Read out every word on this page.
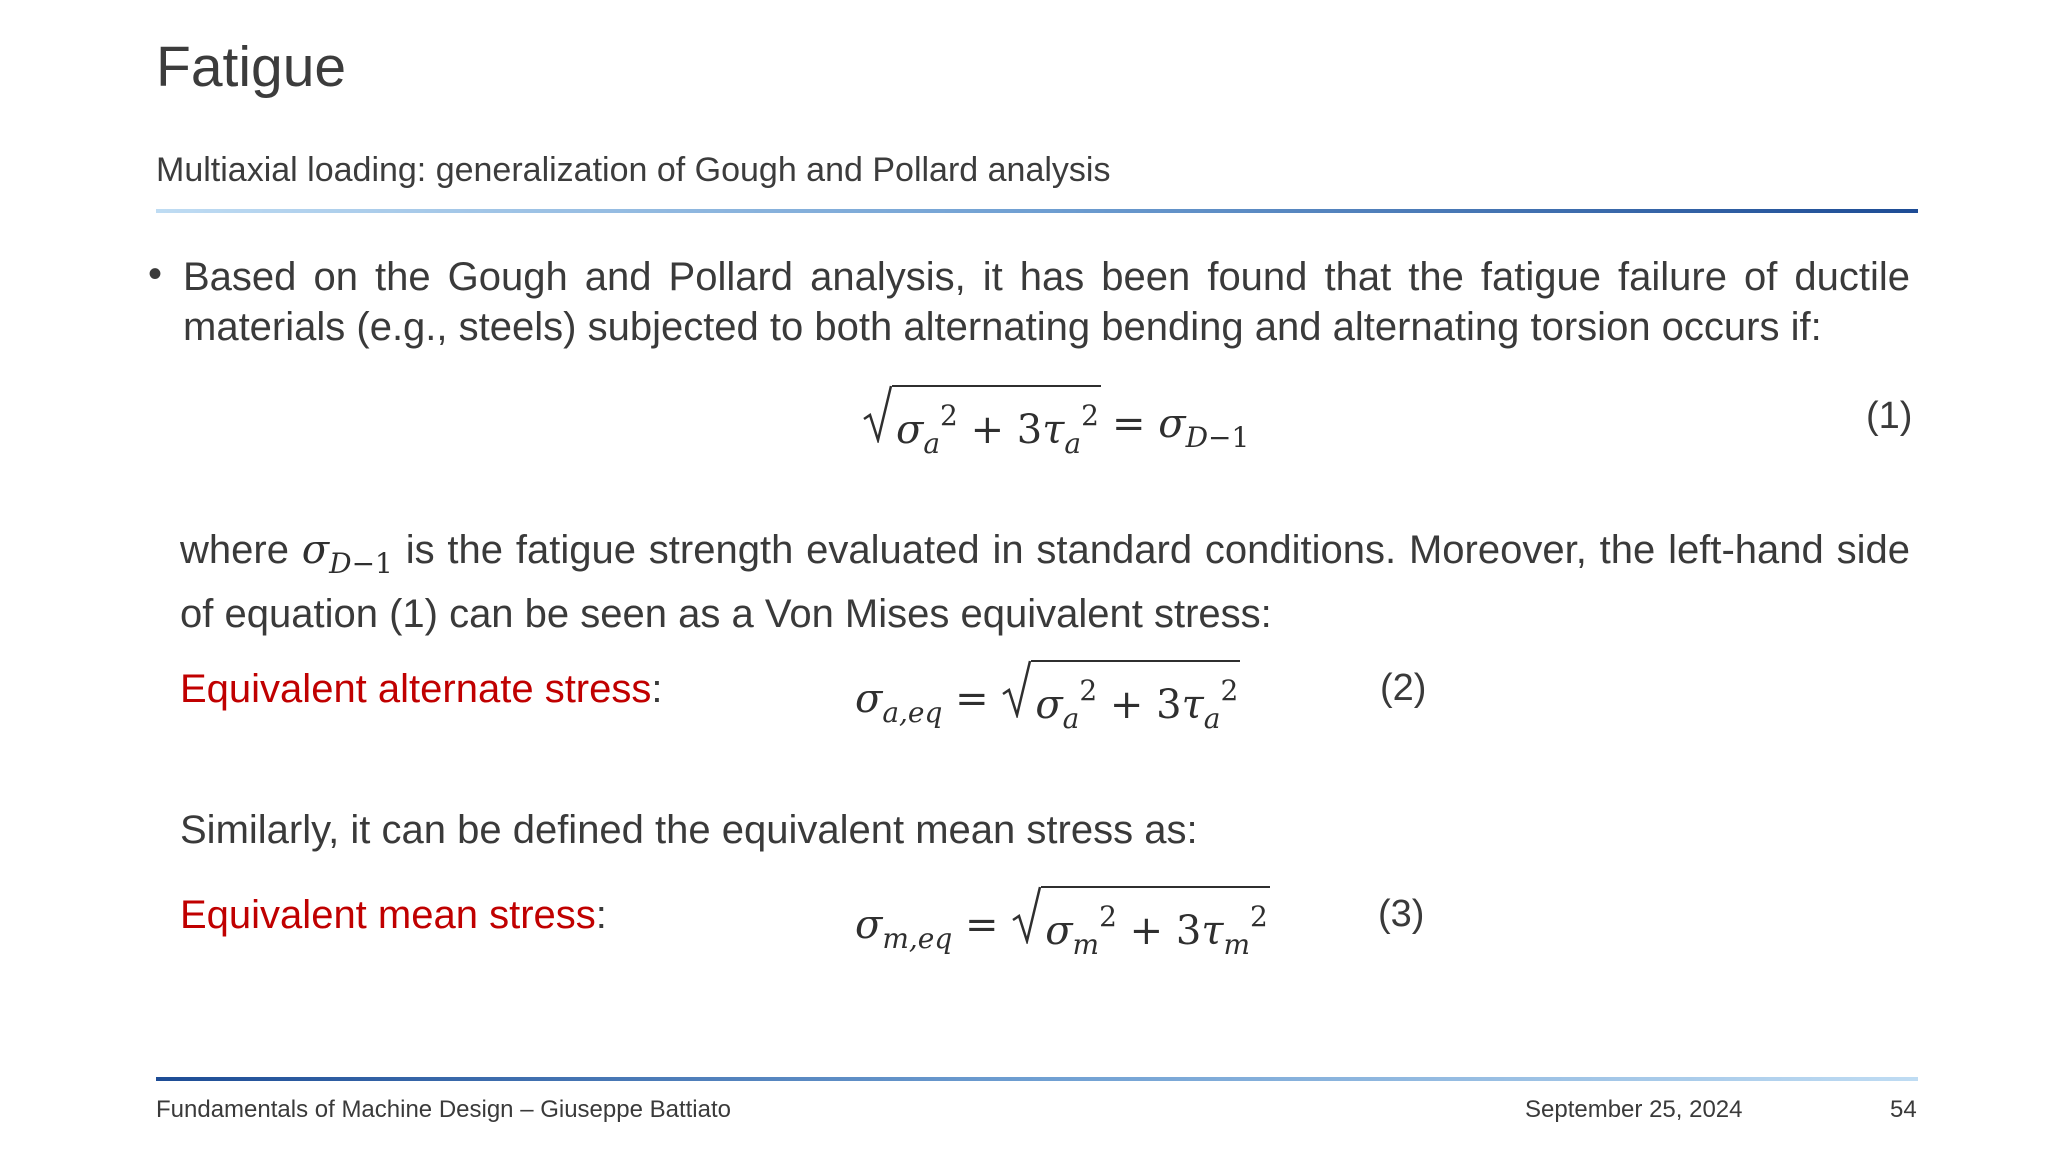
Fatigue
Multiaxial loading: generalization of Gough and Pollard analysis
• Based on the Gough and Pollard analysis, it has been found that the fatigue failure of ductile materials (e.g., steels) subjected to both alternating bending and alternating torsion occurs if:
$\sigma_a^2 + 3\tau_a^2 = \sigma_{D-1}$	(1)
where $\sigma_{D-1}$ is the fatigue strength evaluated in standard conditions. Moreover, the left-hand side of equation (1) can be seen as a Von Mises equivalent stress:
Equivalent alternate stress:	$\sigma_{a,eq} = \sigma_a^2 + 3\tau_a^2$	(2)
Similarly, it can be defined the equivalent mean stress as:
Equivalent mean stress:	$\sigma_{m,eq} = \sigma_m^2 + 3\tau_m^2$	(3)
Fundamentals of Machine Design – Giuseppe Battiato	September 25, 2024	54
